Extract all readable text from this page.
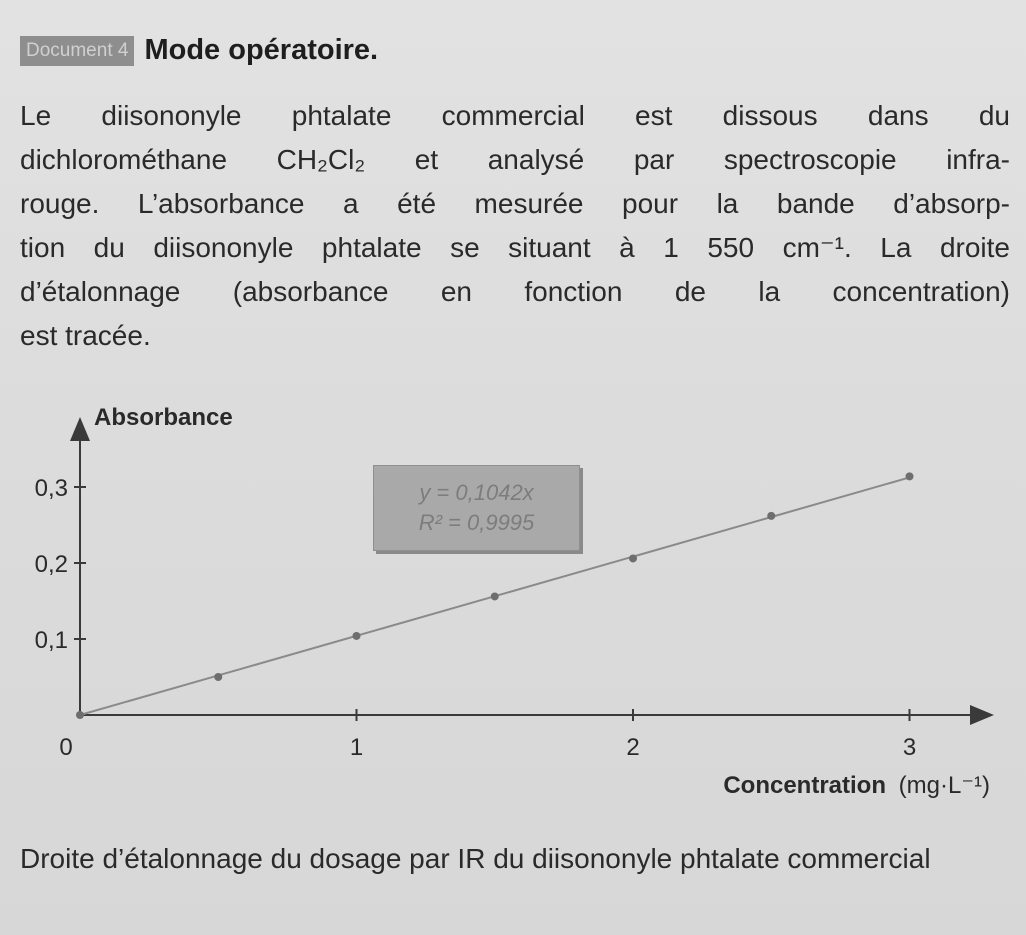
Document 4 Mode opératoire.
Le diisononyle phtalate commercial est dissous dans du
dichlorométhane CH₂Cl₂ et analysé par spectroscopie infra-
rouge. L’absorbance a été mesurée pour la bande d’absorp-
tion du diisononyle phtalate se situant à 1 550 cm⁻¹. La droite
d’étalonnage (absorbance en fonction de la concentration)
est tracée.
0	1	2	3
0,1
0,2
0,3
Absorbance
Concentration (mg·L⁻¹)
y = 0,1042x
R² = 0,9995
Droite d’étalonnage du dosage par IR du diisononyle phtalate commercial
